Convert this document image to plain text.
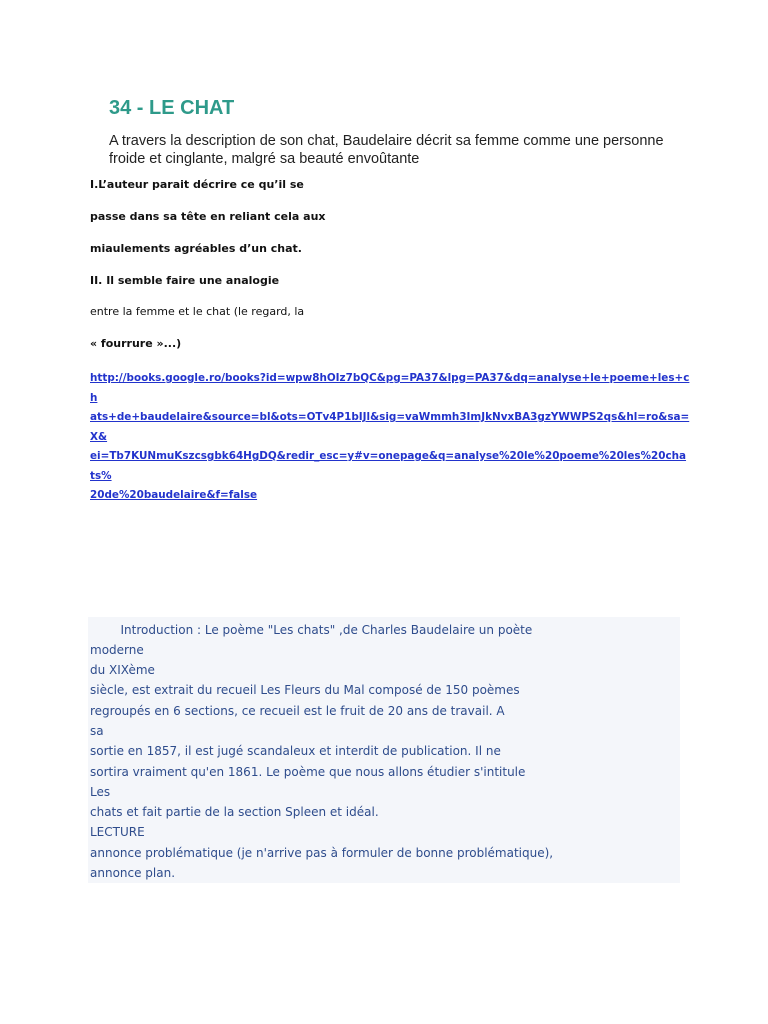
34 - LE CHAT

A travers la description de son chat, Baudelaire décrit sa femme comme une personne froide et cinglante, malgré sa beauté envoûtante

I.L’auteur parait décrire ce qu’il se

passe dans sa tête en reliant cela aux

miaulements agréables d’un chat.

II. Il semble faire une analogie

entre la femme et le chat (le regard, la

« fourrure »...)

http://books.google.ro/books?id=wpw8hOIz7bQC&pg=PA37&lpg=PA37&dq=analyse+le+poeme+les+ch
ats+de+baudelaire&source=bl&ots=OTv4P1bIJl&sig=vaWmmh3ImJkNvxBA3gzYWWPS2qs&hl=ro&sa=X&
ei=Tb7KUNmuKszcsgbk64HgDQ&redir_esc=y#v=onepage&q=analyse%20le%20poeme%20les%20chats%
20de%20baudelaire&f=false

Introduction : Le poème "Les chats" ,de Charles Baudelaire un poète

moderne

du XIXème

siècle, est extrait du recueil Les Fleurs du Mal composé de 150 poèmes

regroupés en 6 sections, ce recueil est le fruit de 20 ans de travail. A

sa

sortie en 1857, il est jugé scandaleux et interdit de publication. Il ne

sortira vraiment qu'en 1861. Le poème que nous allons étudier s'intitule

Les

chats et fait partie de la section Spleen et idéal.

LECTURE

annonce problématique (je n'arrive pas à formuler de bonne problématique),

annonce plan.
